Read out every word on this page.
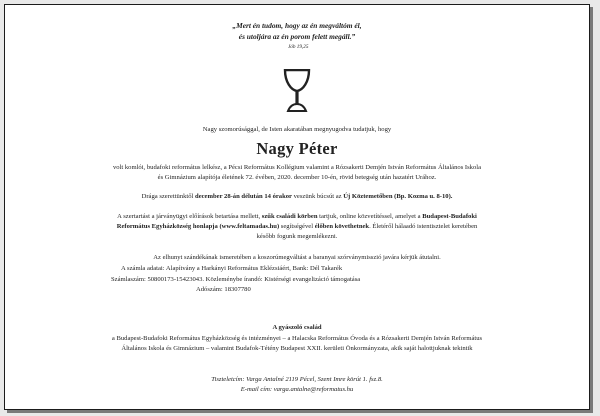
„Mert én tudom, hogy az én megváltóm él,
és utoljára az én porom felett megáll.”
Jób 19,25
Nagy szomorúsággal, de Isten akaratában megnyugodva tudatjuk, hogy
Nagy Péter
volt komlói, budafoki református lelkész, a Pécsi Református Kollégium valamint a Rózsakerti Demjén István Református Általános Iskola
és Gimnázium alapítója életének 72. évében, 2020. december 10-én, rövid betegség után hazatért Urához.
Drága szerettünktől december 28-án délután 14 órakor veszünk búcsút az Új Köztemetőben (Bp. Kozma u. 8-10).
A szertartást a járványügyi előírások betartása mellett, szűk családi körben tartjuk, online közvetítéssel, amelyet a Budapest-Budafoki
Református Egyházközség honlapja (www.feltamadas.hu) segítségével élőben követhetnek. Életéről hálaadó istentisztelet keretében
később fogunk megemlékezni.
Az elhunyt szándékának ismeretében a koszorúmegváltást a baranyai szórványmisszió javára kérjük átutalni.
A számla adatai: Alapítvány a Harkányi Református Eklézsiáért, Bank: Dél Takarék
Számlaszám: 50800173-15423043. Közleménybe írandó: Kistérségi evangelizáció támogatása
Adószám: 18307780
A gyászoló család
a Budapest-Budafoki Református Egyházközség és intézményei – a Halacska Református Óvoda és a Rózsakerti Demjén István Református
Általános Iskola és Gimnázium – valamint Budafok-Tétény Budapest XXII. kerületi Önkormányzata, akik saját halottjuknak tekintik
Tiszteletcím: Varga Antalné 2119 Pécel, Szent Imre körút 1. fsz.8.
E-mail cím: varga.antalne@reformatus.hu
